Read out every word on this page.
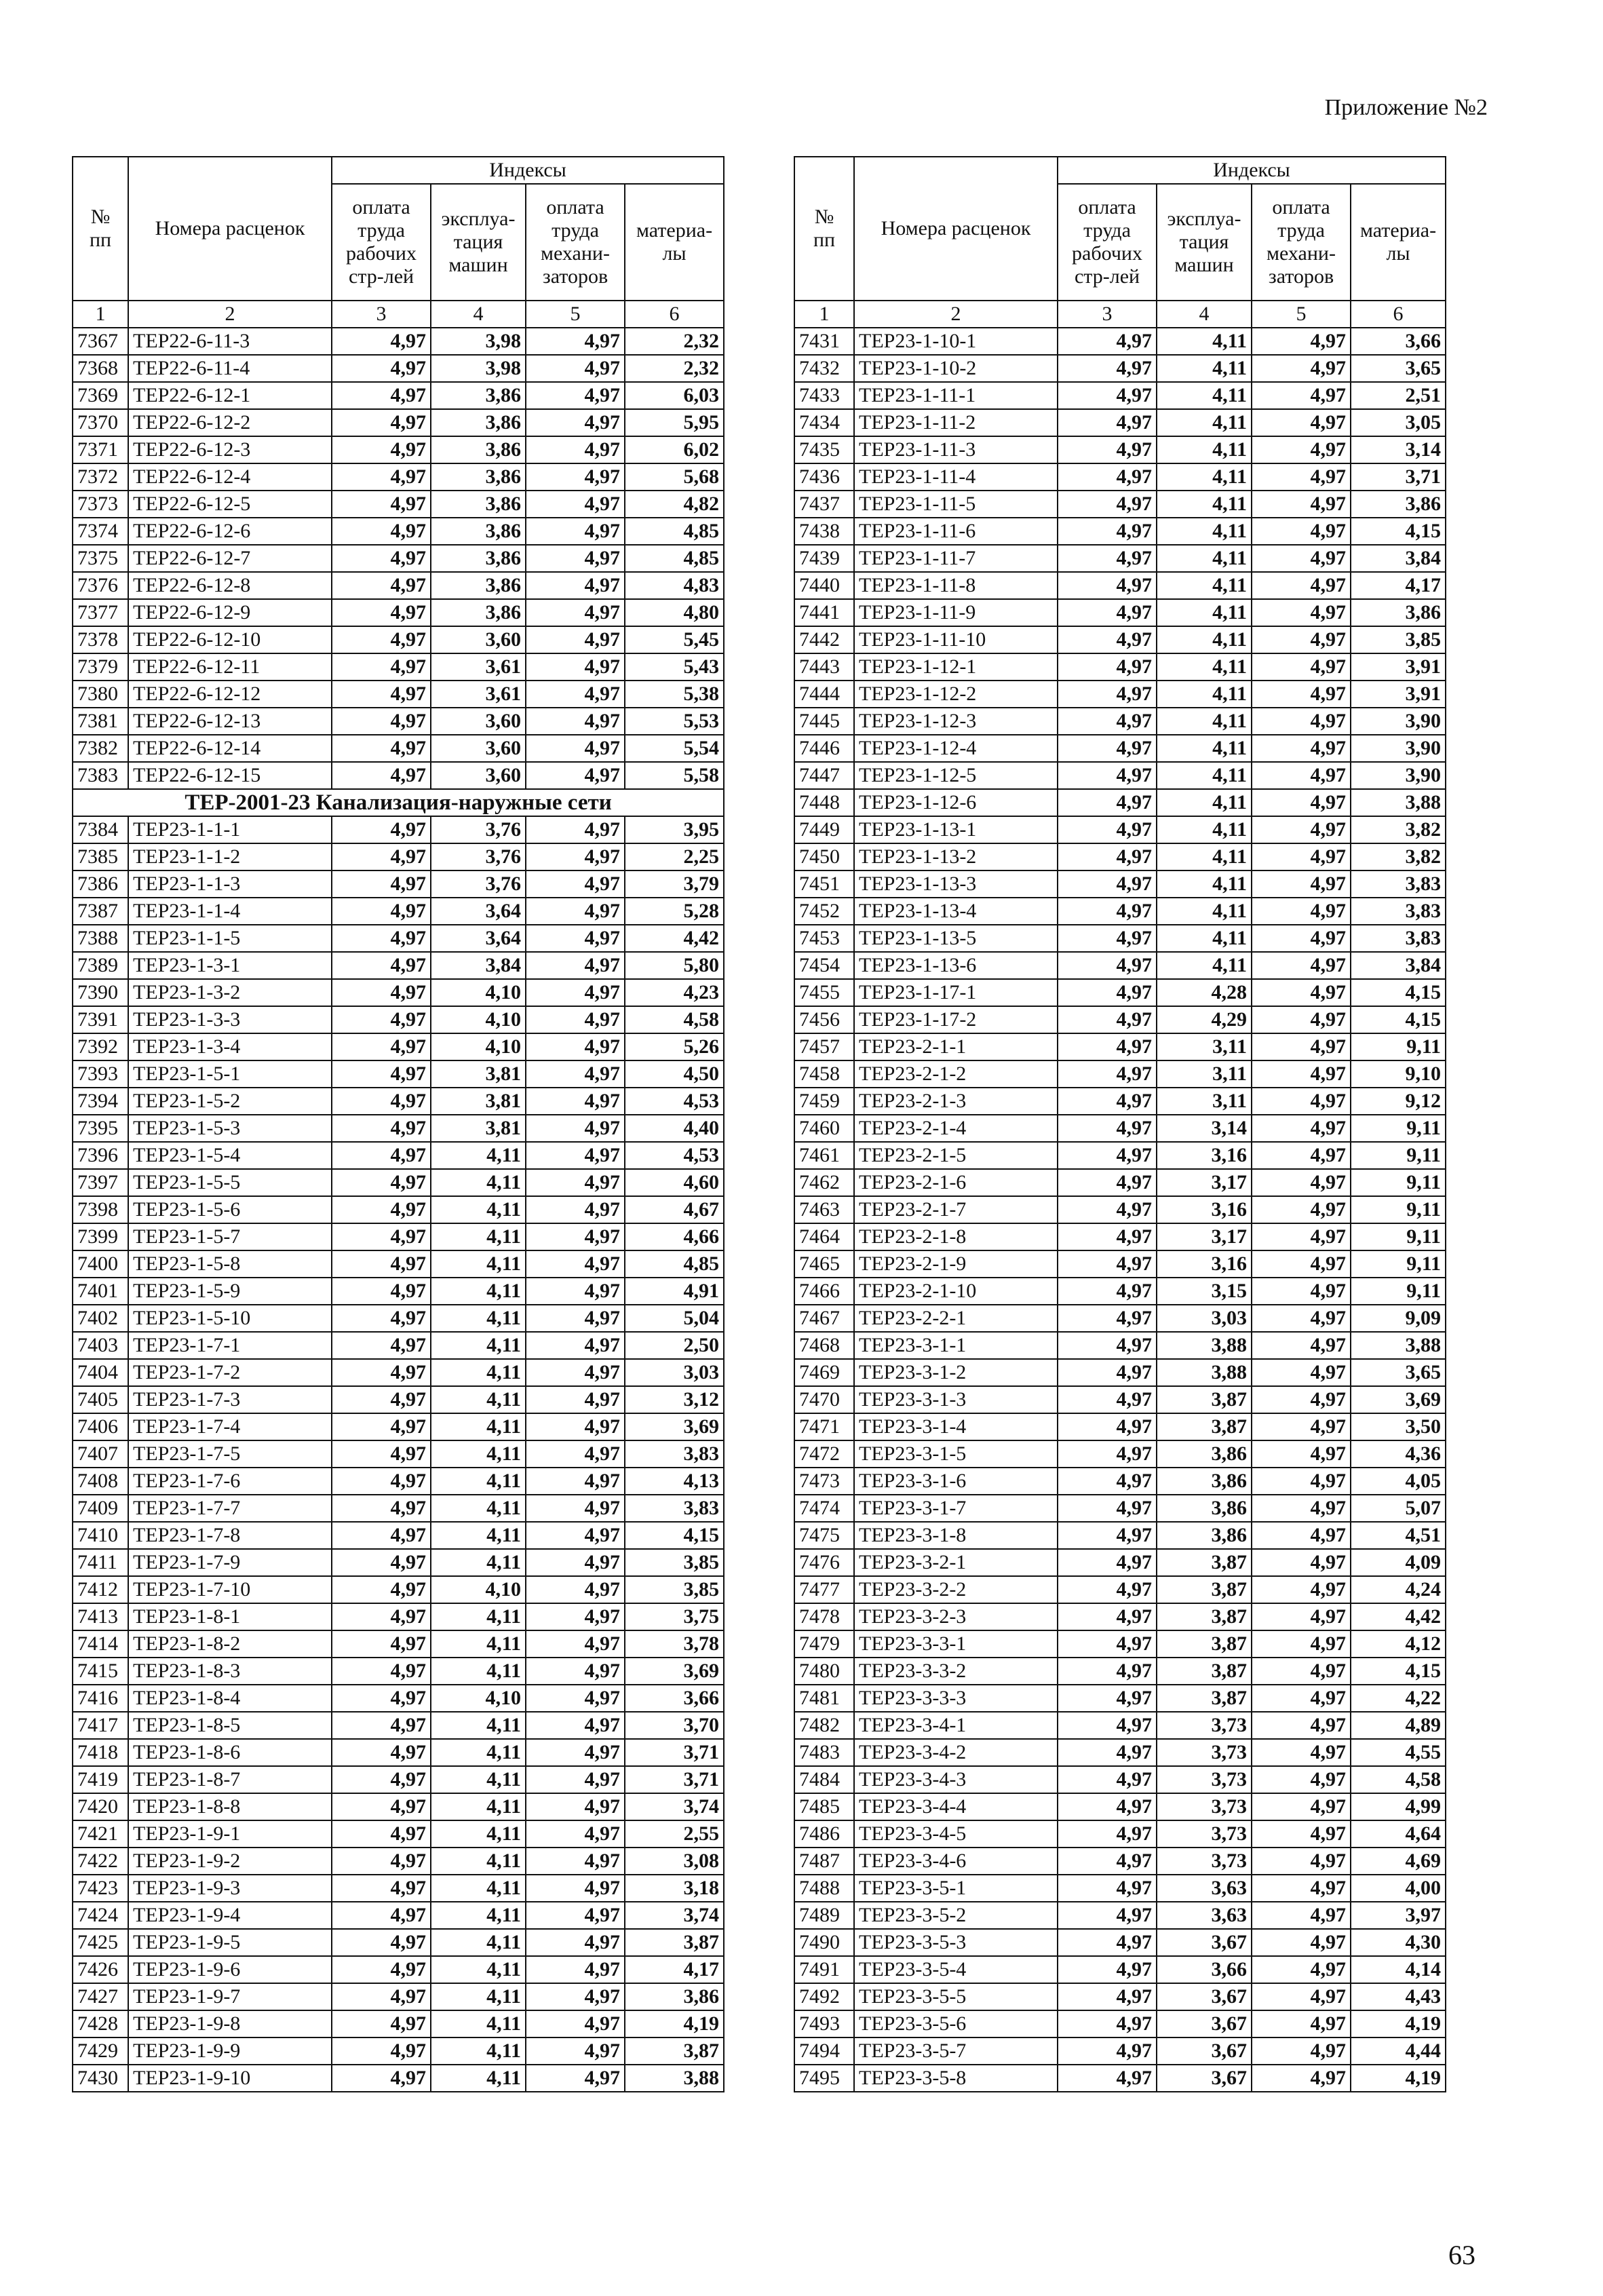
Приложение №2
№
пп	Номера расценок	Индексы			
		оплата
труда
рабочих
стр-лей	эксплуа-
тация
машин	оплата
труда
механи-
заторов	материа-
лы
1	2	3	4	5	6
7367	ТЕР22-6-11-3	4,97	3,98	4,97	2,32
7368	ТЕР22-6-11-4	4,97	3,98	4,97	2,32
7369	ТЕР22-6-12-1	4,97	3,86	4,97	6,03
7370	ТЕР22-6-12-2	4,97	3,86	4,97	5,95
7371	ТЕР22-6-12-3	4,97	3,86	4,97	6,02
7372	ТЕР22-6-12-4	4,97	3,86	4,97	5,68
7373	ТЕР22-6-12-5	4,97	3,86	4,97	4,82
7374	ТЕР22-6-12-6	4,97	3,86	4,97	4,85
7375	ТЕР22-6-12-7	4,97	3,86	4,97	4,85
7376	ТЕР22-6-12-8	4,97	3,86	4,97	4,83
7377	ТЕР22-6-12-9	4,97	3,86	4,97	4,80
7378	ТЕР22-6-12-10	4,97	3,60	4,97	5,45
7379	ТЕР22-6-12-11	4,97	3,61	4,97	5,43
7380	ТЕР22-6-12-12	4,97	3,61	4,97	5,38
7381	ТЕР22-6-12-13	4,97	3,60	4,97	5,53
7382	ТЕР22-6-12-14	4,97	3,60	4,97	5,54
7383	ТЕР22-6-12-15	4,97	3,60	4,97	5,58
ТЕР-2001-23 Канализация-наружные сети					
7384	ТЕР23-1-1-1	4,97	3,76	4,97	3,95
7385	ТЕР23-1-1-2	4,97	3,76	4,97	2,25
7386	ТЕР23-1-1-3	4,97	3,76	4,97	3,79
7387	ТЕР23-1-1-4	4,97	3,64	4,97	5,28
7388	ТЕР23-1-1-5	4,97	3,64	4,97	4,42
7389	ТЕР23-1-3-1	4,97	3,84	4,97	5,80
7390	ТЕР23-1-3-2	4,97	4,10	4,97	4,23
7391	ТЕР23-1-3-3	4,97	4,10	4,97	4,58
7392	ТЕР23-1-3-4	4,97	4,10	4,97	5,26
7393	ТЕР23-1-5-1	4,97	3,81	4,97	4,50
7394	ТЕР23-1-5-2	4,97	3,81	4,97	4,53
7395	ТЕР23-1-5-3	4,97	3,81	4,97	4,40
7396	ТЕР23-1-5-4	4,97	4,11	4,97	4,53
7397	ТЕР23-1-5-5	4,97	4,11	4,97	4,60
7398	ТЕР23-1-5-6	4,97	4,11	4,97	4,67
7399	ТЕР23-1-5-7	4,97	4,11	4,97	4,66
7400	ТЕР23-1-5-8	4,97	4,11	4,97	4,85
7401	ТЕР23-1-5-9	4,97	4,11	4,97	4,91
7402	ТЕР23-1-5-10	4,97	4,11	4,97	5,04
7403	ТЕР23-1-7-1	4,97	4,11	4,97	2,50
7404	ТЕР23-1-7-2	4,97	4,11	4,97	3,03
7405	ТЕР23-1-7-3	4,97	4,11	4,97	3,12
7406	ТЕР23-1-7-4	4,97	4,11	4,97	3,69
7407	ТЕР23-1-7-5	4,97	4,11	4,97	3,83
7408	ТЕР23-1-7-6	4,97	4,11	4,97	4,13
7409	ТЕР23-1-7-7	4,97	4,11	4,97	3,83
7410	ТЕР23-1-7-8	4,97	4,11	4,97	4,15
7411	ТЕР23-1-7-9	4,97	4,11	4,97	3,85
7412	ТЕР23-1-7-10	4,97	4,10	4,97	3,85
7413	ТЕР23-1-8-1	4,97	4,11	4,97	3,75
7414	ТЕР23-1-8-2	4,97	4,11	4,97	3,78
7415	ТЕР23-1-8-3	4,97	4,11	4,97	3,69
7416	ТЕР23-1-8-4	4,97	4,10	4,97	3,66
7417	ТЕР23-1-8-5	4,97	4,11	4,97	3,70
7418	ТЕР23-1-8-6	4,97	4,11	4,97	3,71
7419	ТЕР23-1-8-7	4,97	4,11	4,97	3,71
7420	ТЕР23-1-8-8	4,97	4,11	4,97	3,74
7421	ТЕР23-1-9-1	4,97	4,11	4,97	2,55
7422	ТЕР23-1-9-2	4,97	4,11	4,97	3,08
7423	ТЕР23-1-9-3	4,97	4,11	4,97	3,18
7424	ТЕР23-1-9-4	4,97	4,11	4,97	3,74
7425	ТЕР23-1-9-5	4,97	4,11	4,97	3,87
7426	ТЕР23-1-9-6	4,97	4,11	4,97	4,17
7427	ТЕР23-1-9-7	4,97	4,11	4,97	3,86
7428	ТЕР23-1-9-8	4,97	4,11	4,97	4,19
7429	ТЕР23-1-9-9	4,97	4,11	4,97	3,87
7430	ТЕР23-1-9-10	4,97	4,11	4,97	3,88
№
пп	Номера расценок	Индексы			
		оплата
труда
рабочих
стр-лей	эксплуа-
тация
машин	оплата
труда
механи-
заторов	материа-
лы
1	2	3	4	5	6
7431	ТЕР23-1-10-1	4,97	4,11	4,97	3,66
7432	ТЕР23-1-10-2	4,97	4,11	4,97	3,65
7433	ТЕР23-1-11-1	4,97	4,11	4,97	2,51
7434	ТЕР23-1-11-2	4,97	4,11	4,97	3,05
7435	ТЕР23-1-11-3	4,97	4,11	4,97	3,14
7436	ТЕР23-1-11-4	4,97	4,11	4,97	3,71
7437	ТЕР23-1-11-5	4,97	4,11	4,97	3,86
7438	ТЕР23-1-11-6	4,97	4,11	4,97	4,15
7439	ТЕР23-1-11-7	4,97	4,11	4,97	3,84
7440	ТЕР23-1-11-8	4,97	4,11	4,97	4,17
7441	ТЕР23-1-11-9	4,97	4,11	4,97	3,86
7442	ТЕР23-1-11-10	4,97	4,11	4,97	3,85
7443	ТЕР23-1-12-1	4,97	4,11	4,97	3,91
7444	ТЕР23-1-12-2	4,97	4,11	4,97	3,91
7445	ТЕР23-1-12-3	4,97	4,11	4,97	3,90
7446	ТЕР23-1-12-4	4,97	4,11	4,97	3,90
7447	ТЕР23-1-12-5	4,97	4,11	4,97	3,90
7448	ТЕР23-1-12-6	4,97	4,11	4,97	3,88
7449	ТЕР23-1-13-1	4,97	4,11	4,97	3,82
7450	ТЕР23-1-13-2	4,97	4,11	4,97	3,82
7451	ТЕР23-1-13-3	4,97	4,11	4,97	3,83
7452	ТЕР23-1-13-4	4,97	4,11	4,97	3,83
7453	ТЕР23-1-13-5	4,97	4,11	4,97	3,83
7454	ТЕР23-1-13-6	4,97	4,11	4,97	3,84
7455	ТЕР23-1-17-1	4,97	4,28	4,97	4,15
7456	ТЕР23-1-17-2	4,97	4,29	4,97	4,15
7457	ТЕР23-2-1-1	4,97	3,11	4,97	9,11
7458	ТЕР23-2-1-2	4,97	3,11	4,97	9,10
7459	ТЕР23-2-1-3	4,97	3,11	4,97	9,12
7460	ТЕР23-2-1-4	4,97	3,14	4,97	9,11
7461	ТЕР23-2-1-5	4,97	3,16	4,97	9,11
7462	ТЕР23-2-1-6	4,97	3,17	4,97	9,11
7463	ТЕР23-2-1-7	4,97	3,16	4,97	9,11
7464	ТЕР23-2-1-8	4,97	3,17	4,97	9,11
7465	ТЕР23-2-1-9	4,97	3,16	4,97	9,11
7466	ТЕР23-2-1-10	4,97	3,15	4,97	9,11
7467	ТЕР23-2-2-1	4,97	3,03	4,97	9,09
7468	ТЕР23-3-1-1	4,97	3,88	4,97	3,88
7469	ТЕР23-3-1-2	4,97	3,88	4,97	3,65
7470	ТЕР23-3-1-3	4,97	3,87	4,97	3,69
7471	ТЕР23-3-1-4	4,97	3,87	4,97	3,50
7472	ТЕР23-3-1-5	4,97	3,86	4,97	4,36
7473	ТЕР23-3-1-6	4,97	3,86	4,97	4,05
7474	ТЕР23-3-1-7	4,97	3,86	4,97	5,07
7475	ТЕР23-3-1-8	4,97	3,86	4,97	4,51
7476	ТЕР23-3-2-1	4,97	3,87	4,97	4,09
7477	ТЕР23-3-2-2	4,97	3,87	4,97	4,24
7478	ТЕР23-3-2-3	4,97	3,87	4,97	4,42
7479	ТЕР23-3-3-1	4,97	3,87	4,97	4,12
7480	ТЕР23-3-3-2	4,97	3,87	4,97	4,15
7481	ТЕР23-3-3-3	4,97	3,87	4,97	4,22
7482	ТЕР23-3-4-1	4,97	3,73	4,97	4,89
7483	ТЕР23-3-4-2	4,97	3,73	4,97	4,55
7484	ТЕР23-3-4-3	4,97	3,73	4,97	4,58
7485	ТЕР23-3-4-4	4,97	3,73	4,97	4,99
7486	ТЕР23-3-4-5	4,97	3,73	4,97	4,64
7487	ТЕР23-3-4-6	4,97	3,73	4,97	4,69
7488	ТЕР23-3-5-1	4,97	3,63	4,97	4,00
7489	ТЕР23-3-5-2	4,97	3,63	4,97	3,97
7490	ТЕР23-3-5-3	4,97	3,67	4,97	4,30
7491	ТЕР23-3-5-4	4,97	3,66	4,97	4,14
7492	ТЕР23-3-5-5	4,97	3,67	4,97	4,43
7493	ТЕР23-3-5-6	4,97	3,67	4,97	4,19
7494	ТЕР23-3-5-7	4,97	3,67	4,97	4,44
7495	ТЕР23-3-5-8	4,97	3,67	4,97	4,19
63
